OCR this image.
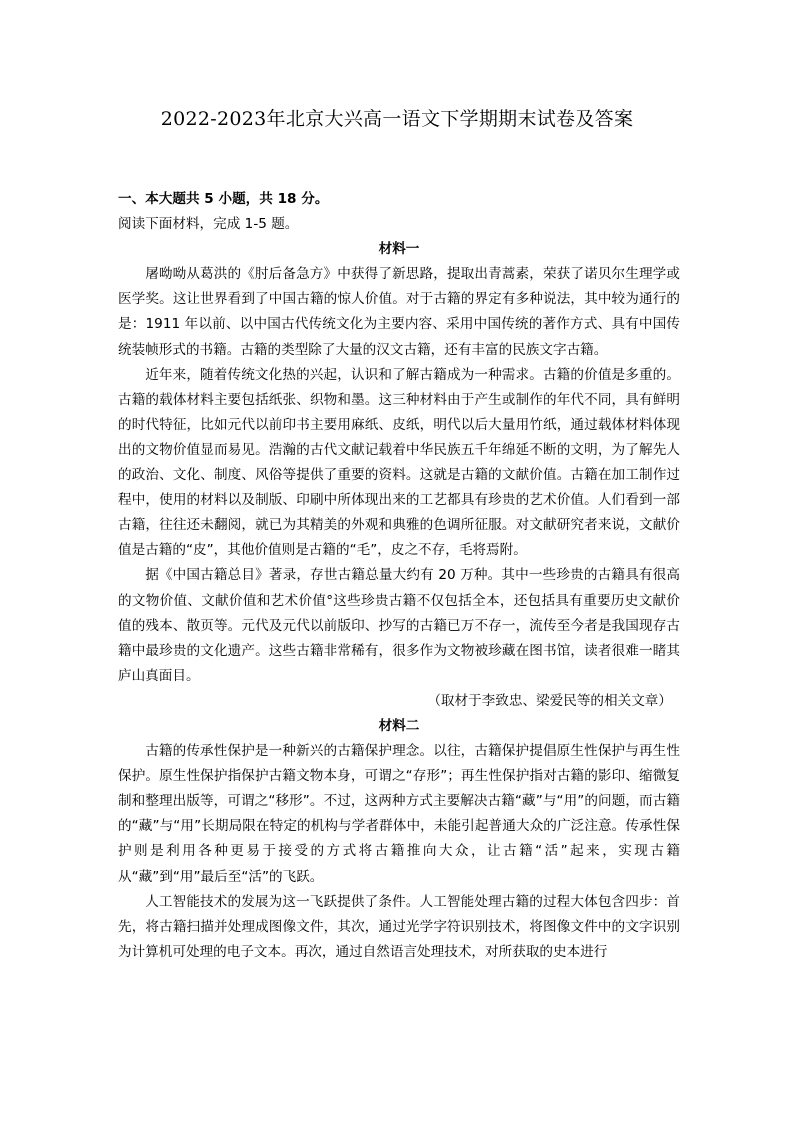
2022-2023年北京大兴高一语文下学期期末试卷及答案

一、本大题共 5 小题，共 18 分。

阅读下面材料，完成 1-5 题。

材料一

屠呦呦从葛洪的《肘后备急方》中获得了新思路，提取出青蒿素，荣获了诺贝尔生理学或医学奖。这让世界看到了中国古籍的惊人价值。对于古籍的界定有多种说法，其中较为通行的是：1911 年以前、以中国古代传统文化为主要内容、采用中国传统的著作方式、具有中国传统装帧形式的书籍。古籍的类型除了大量的汉文古籍，还有丰富的民族文字古籍。

近年来，随着传统文化热的兴起，认识和了解古籍成为一种需求。古籍的价值是多重的。古籍的载体材料主要包括纸张、织物和墨。这三种材料由于产生或制作的年代不同，具有鲜明的时代特征，比如元代以前印书主要用麻纸、皮纸，明代以后大量用竹纸，通过载体材料体现出的文物价值显而易见。浩瀚的古代文献记载着中华民族五千年绵延不断的文明，为了解先人的政治、文化、制度、风俗等提供了重要的资料。这就是古籍的文献价值。古籍在加工制作过程中，使用的材料以及制版、印刷中所体现出来的工艺都具有珍贵的艺术价值。人们看到一部古籍，往往还未翻阅，就已为其精美的外观和典雅的色调所征服。对文献研究者来说，文献价值是古籍的“皮”，其他价值则是古籍的“毛”，皮之不存，毛将焉附。

据《中国古籍总目》著录，存世古籍总量大约有 20 万种。其中一些珍贵的古籍具有很高的文物价值、文献价值和艺术价值°这些珍贵古籍不仅包括全本，还包括具有重要历史文献价值的残本、散页等。元代及元代以前版印、抄写的古籍已万不存一，流传至今者是我国现存古籍中最珍贵的文化遗产。这些古籍非常稀有，很多作为文物被珍藏在图书馆，读者很难一睹其庐山真面目。

（取材于李致忠、梁爱民等的相关文章）

材料二

古籍的传承性保护是一种新兴的古籍保护理念。以往，古籍保护提倡原生性保护与再生性保护。原生性保护指保护古籍文物本身，可谓之“存形”；再生性保护指对古籍的影印、缩微复制和整理出版等，可谓之“移形”。不过，这两种方式主要解决古籍“藏”与“用”的问题，而古籍的“藏”与“用”长期局限在特定的机构与学者群体中，未能引起普通大众的广泛注意。传承性保护则是利用各种更易于接受的方式将古籍推向大众，让古籍“活”起来，实现古籍从“藏”到“用”最后至“活”的飞跃。

人工智能技术的发展为这一飞跃提供了条件。人工智能处理古籍的过程大体包含四步：首先，将古籍扫描并处理成图像文件，其次，通过光学字符识别技术，将图像文件中的文字识别为计算机可处理的电子文本。再次，通过自然语言处理技术，对所获取的史本进行
